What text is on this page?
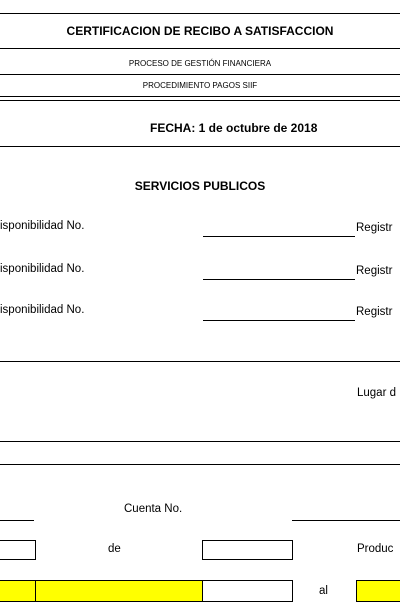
CERTIFICACION DE RECIBO A SATISFACCION
PROCESO DE GESTIÓN FINANCIERA
PROCEDIMIENTO PAGOS SIIF
FECHA: 1 de octubre de 2018
SERVICIOS PUBLICOS
isponibilidad No.	Registr
isponibilidad No.	Registr
isponibilidad No.	Registr
Lugar d
Cuenta No.
de	Produc
al
